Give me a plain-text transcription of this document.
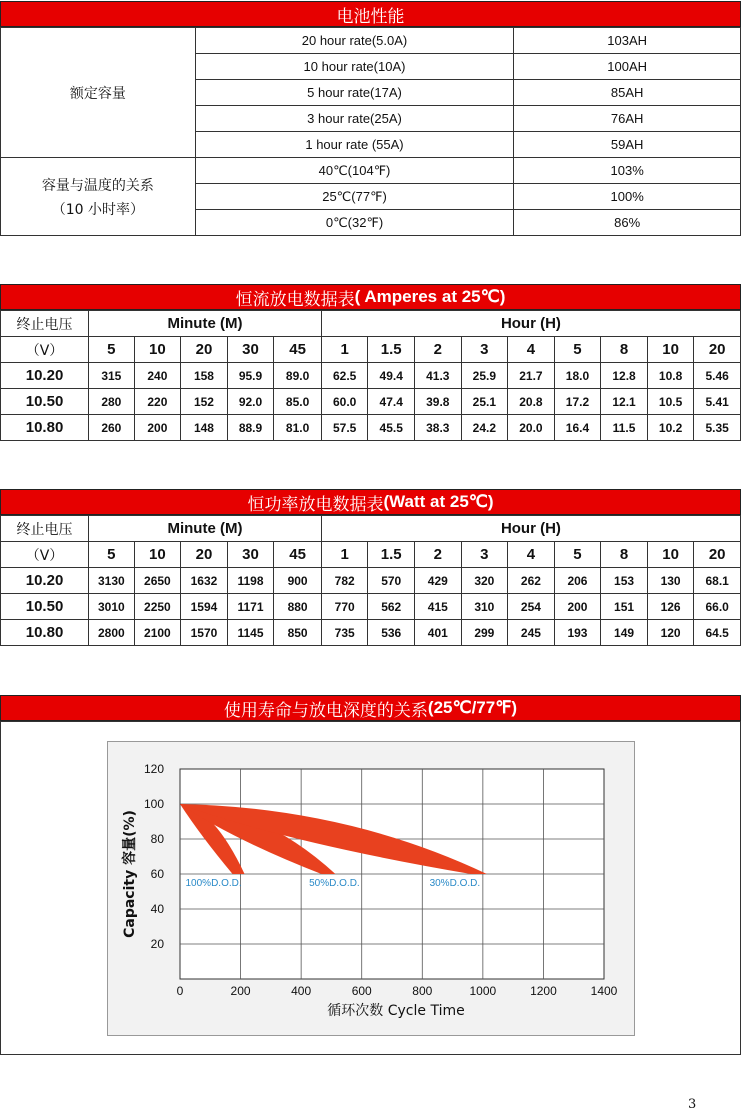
电池性能
额定容量	20 hour rate(5.0A)	103AH
	10 hour rate(10A)	100AH
	5 hour rate(17A)	85AH
	3 hour rate(25A)	76AH
	1 hour rate (55A)	59AH

容量与温度的关系
（10 小时率）	40℃(104℉)	103%
	25℃(77℉)	100%
	0℃(32℉)	86%
恒流放电数据表 ( Amperes at 25℃)
终止电压	Minute (M)					Hour (H)								
（V）	5	10	20	30	45	1	1.5	2	3	4	5	8	10	20
10.20	315	240	158	95.9	89.0	62.5	49.4	41.3	25.9	21.7	18.0	12.8	10.8	5.46
10.50	280	220	152	92.0	85.0	60.0	47.4	39.8	25.1	20.8	17.2	12.1	10.5	5.41
10.80	260	200	148	88.9	81.0	57.5	45.5	38.3	24.2	20.0	16.4	11.5	10.2	5.35
恒功率放电数据表 (Watt at 25℃)
终止电压	Minute (M)					Hour (H)								
（V）	5	10	20	30	45	1	1.5	2	3	4	5	8	10	20
10.20	3130	2650	1632	1198	900	782	570	429	320	262	206	153	130	68.1
10.50	3010	2250	1594	1171	880	770	562	415	310	254	200	151	126	66.0
10.80	2800	2100	1570	1145	850	735	536	401	299	245	193	149	120	64.5
使用寿命与放电深度的关系 (25℃/77℉)
0	200	400	600	800	1000	1200	1400
20
40
60
80
100
120
循环次数 Cycle Time
Capacity 容量(%)	100%D.O.D.	50%D.O.D.	30%D.O.D.
3
